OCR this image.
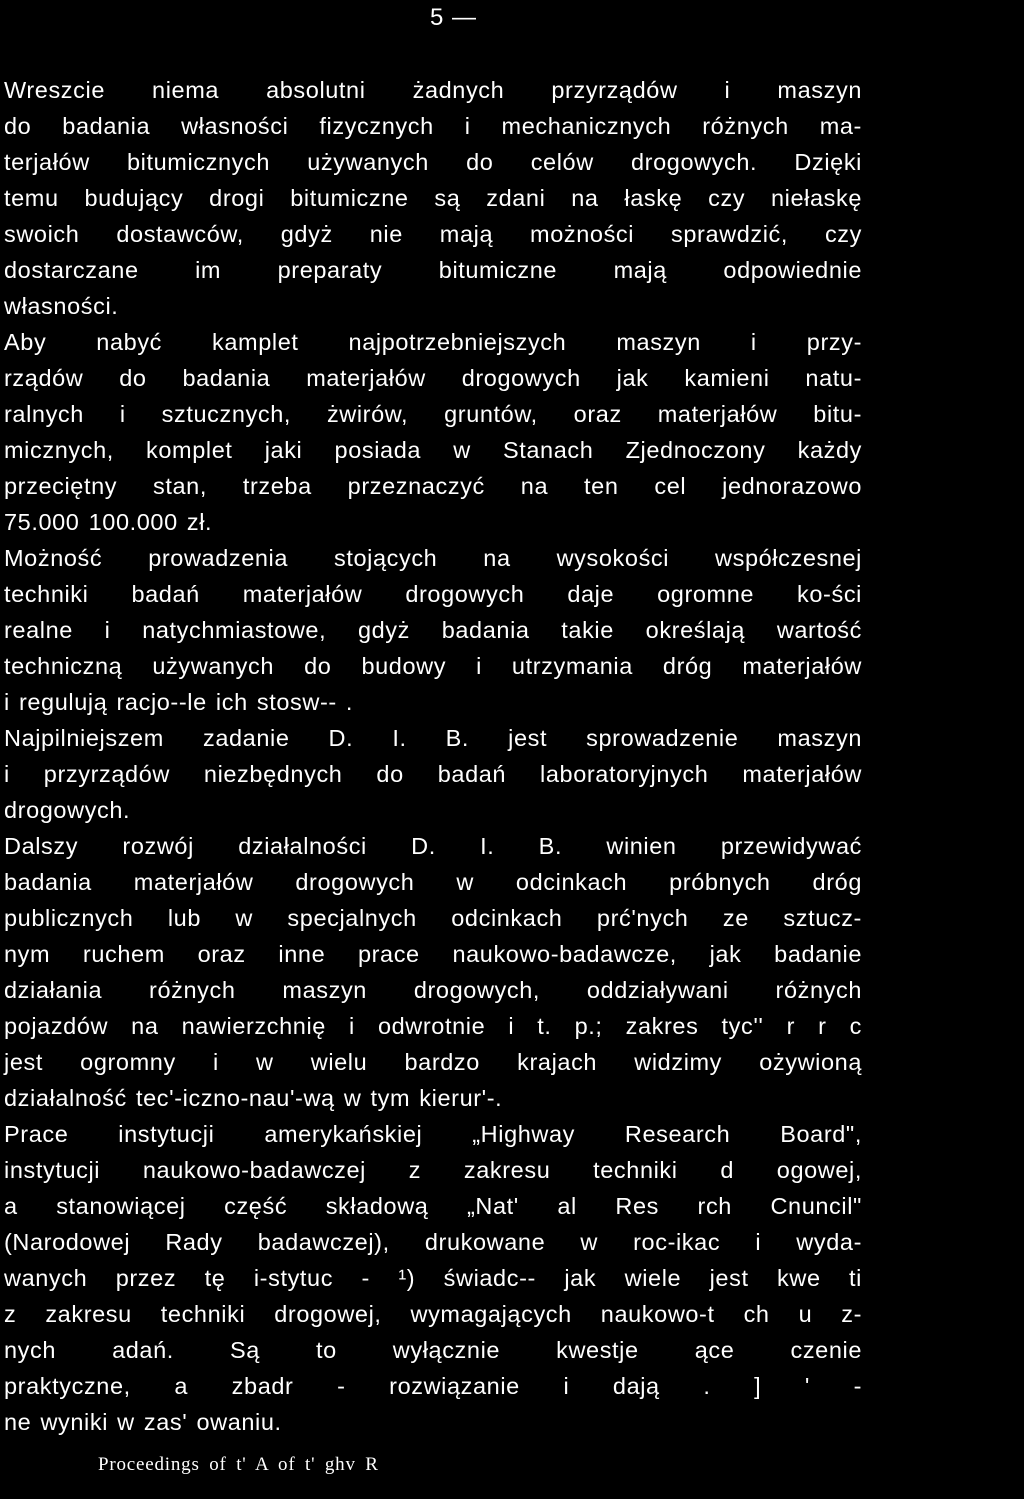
5 —
Wreszcie niema absolutni żadnych przyrządów i maszyn
do badania własności fizycznych i mechanicznych różnych ma-
terjałów bitumicznych używanych do celów drogowych. Dzięki
temu budujący drogi bitumiczne są zdani na łaskę czy niełaskę
swoich dostawców, gdyż nie mają możności sprawdzić, czy
dostarczane im preparaty bitumiczne mają odpowiednie
własności.
Aby nabyć kamplet najpotrzebniejszych maszyn i przy-
rządów do badania materjałów drogowych jak kamieni natu-
ralnych i sztucznych, żwirów, gruntów, oraz materjałów bitu-
micznych, komplet jaki posiada w Stanach Zjednoczony każdy
przeciętny stan, trzeba przeznaczyć na ten cel jednorazowo
75.000 100.000 zł.
Możność prowadzenia stojących na wysokości współczesnej
techniki badań materjałów drogowych daje ogromne ko-ści
realne i natychmiastowe, gdyż badania takie określają wartość
techniczną używanych do budowy i utrzymania dróg materjałów
i regulują racjo--le ich stosw-- .
Najpilniejszem zadanie D. I. B. jest sprowadzenie maszyn
i przyrządów niezbędnych do badań laboratoryjnych materjałów
drogowych.
Dalszy rozwój działalności D. I. B. winien przewidywać
badania materjałów drogowych w odcinkach próbnych dróg
publicznych lub w specjalnych odcinkach prć'nych ze sztucz-
nym ruchem oraz inne prace naukowo-badawcze, jak badanie
działania różnych maszyn drogowych, oddziaływani różnych
pojazdów na nawierzchnię i odwrotnie i t. p.; zakres tyc'' r r c
jest ogromny i w wielu bardzo krajach widzimy ożywioną
działalność tec'-iczno-nau'-wą w tym kierur'-.
Prace instytucji amerykańskiej „Highway Research Board",
instytucji naukowo-badawczej z zakresu techniki d ogowej,
a stanowiącej część składową „Nat' al Res rch Cnuncil"
(Narodowej Rady badawczej), drukowane w roc-ikac i wyda-
wanych przez tę i-stytuc - ¹) świadc-- jak wiele jest kwe ti
z zakresu techniki drogowej, wymagających naukowo-t ch u z-
nych adań. Są to wyłącznie kwestje ące czenie
praktyczne, a zbadr - rozwiązanie i dają . ] ' -
ne wyniki w zas' owaniu.
Proceedings of t' A of t' ghv R
